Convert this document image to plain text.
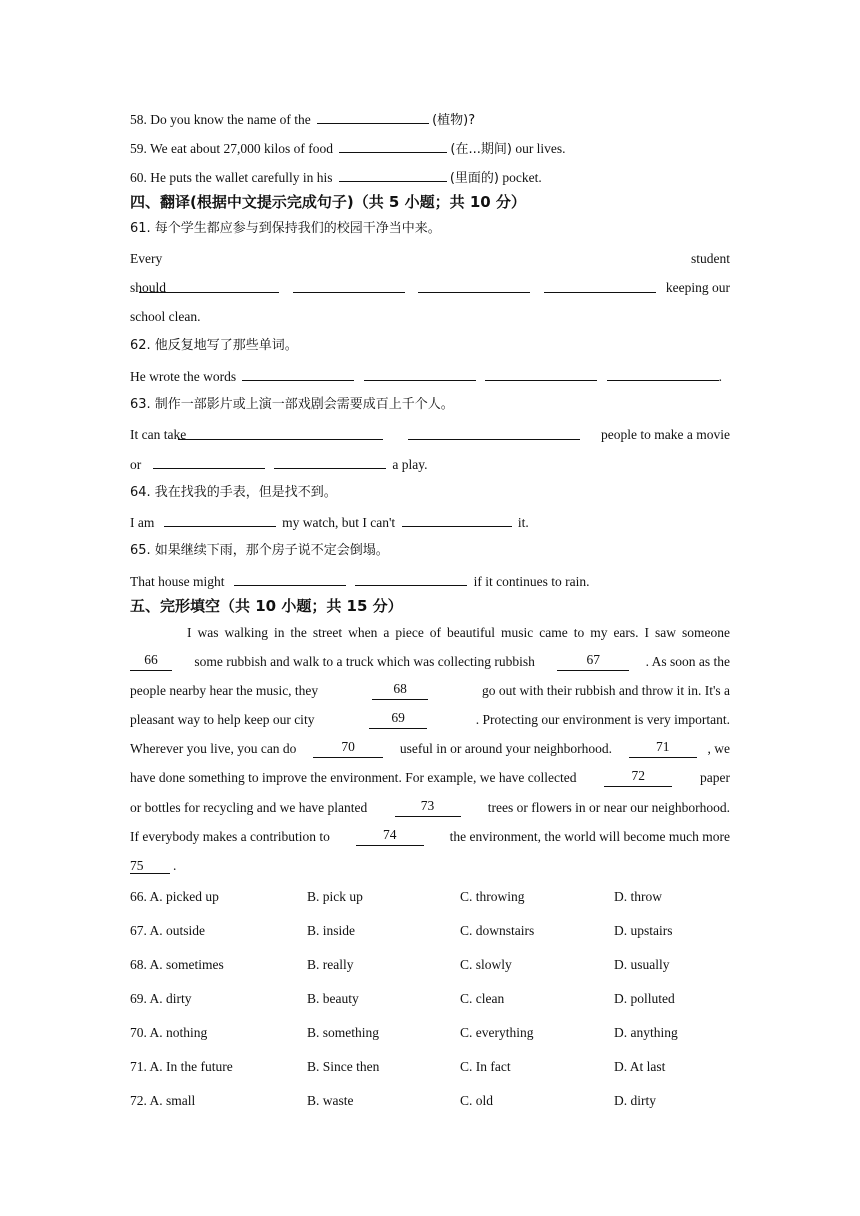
58. Do you know the name of the	(植物)?
59. We eat about 27,000 kilos of food	(在...期间) our lives.
60. He puts the wallet carefully in his	(里面的) pocket.
四、翻译(根据中文提示完成句子)（共 5 小题；共 10 分）
61. 每个学生都应参与到保持我们的校园干净当中来。
Every	student
should	keeping our
school clean.
62. 他反复地写了那些单词。
He wrote the words	.
63. 制作一部影片或上演一部戏剧会需要成百上千个人。
It can take	people to make a movie
or	a play.
64. 我在找我的手表，但是找不到。
I am	my watch, but I can't	it.
65. 如果继续下雨，那个房子说不定会倒塌。
That house might	if it continues to rain.
五、完形填空（共 10 小题；共 15 分）
I was walking in the street when a piece of beautiful music came to my ears. I saw someone
66	some rubbish and walk to a truck which was collecting rubbish	67	. As soon as the
people nearby hear the music, they	68	go out with their rubbish and throw it in. It's a
pleasant way to help keep our city	69	. Protecting our environment is very important.
Wherever you live, you can do	70	useful in or around your neighborhood.	71	, we
have done something to improve the environment. For example, we have collected	72	paper
or bottles for recycling and we have planted	73	trees or flowers in or near our neighborhood.
If everybody makes a contribution to	74	the environment, the world will become much more
75 .
66. A. picked up	B. pick up	C. throwing	D. throw
67. A. outside	B. inside	C. downstairs	D. upstairs
68. A. sometimes	B. really	C. slowly	D. usually
69. A. dirty	B. beauty	C. clean	D. polluted
70. A. nothing	B. something	C. everything	D. anything
71. A. In the future	B. Since then	C. In fact	D. At last
72. A. small	B. waste	C. old	D. dirty
